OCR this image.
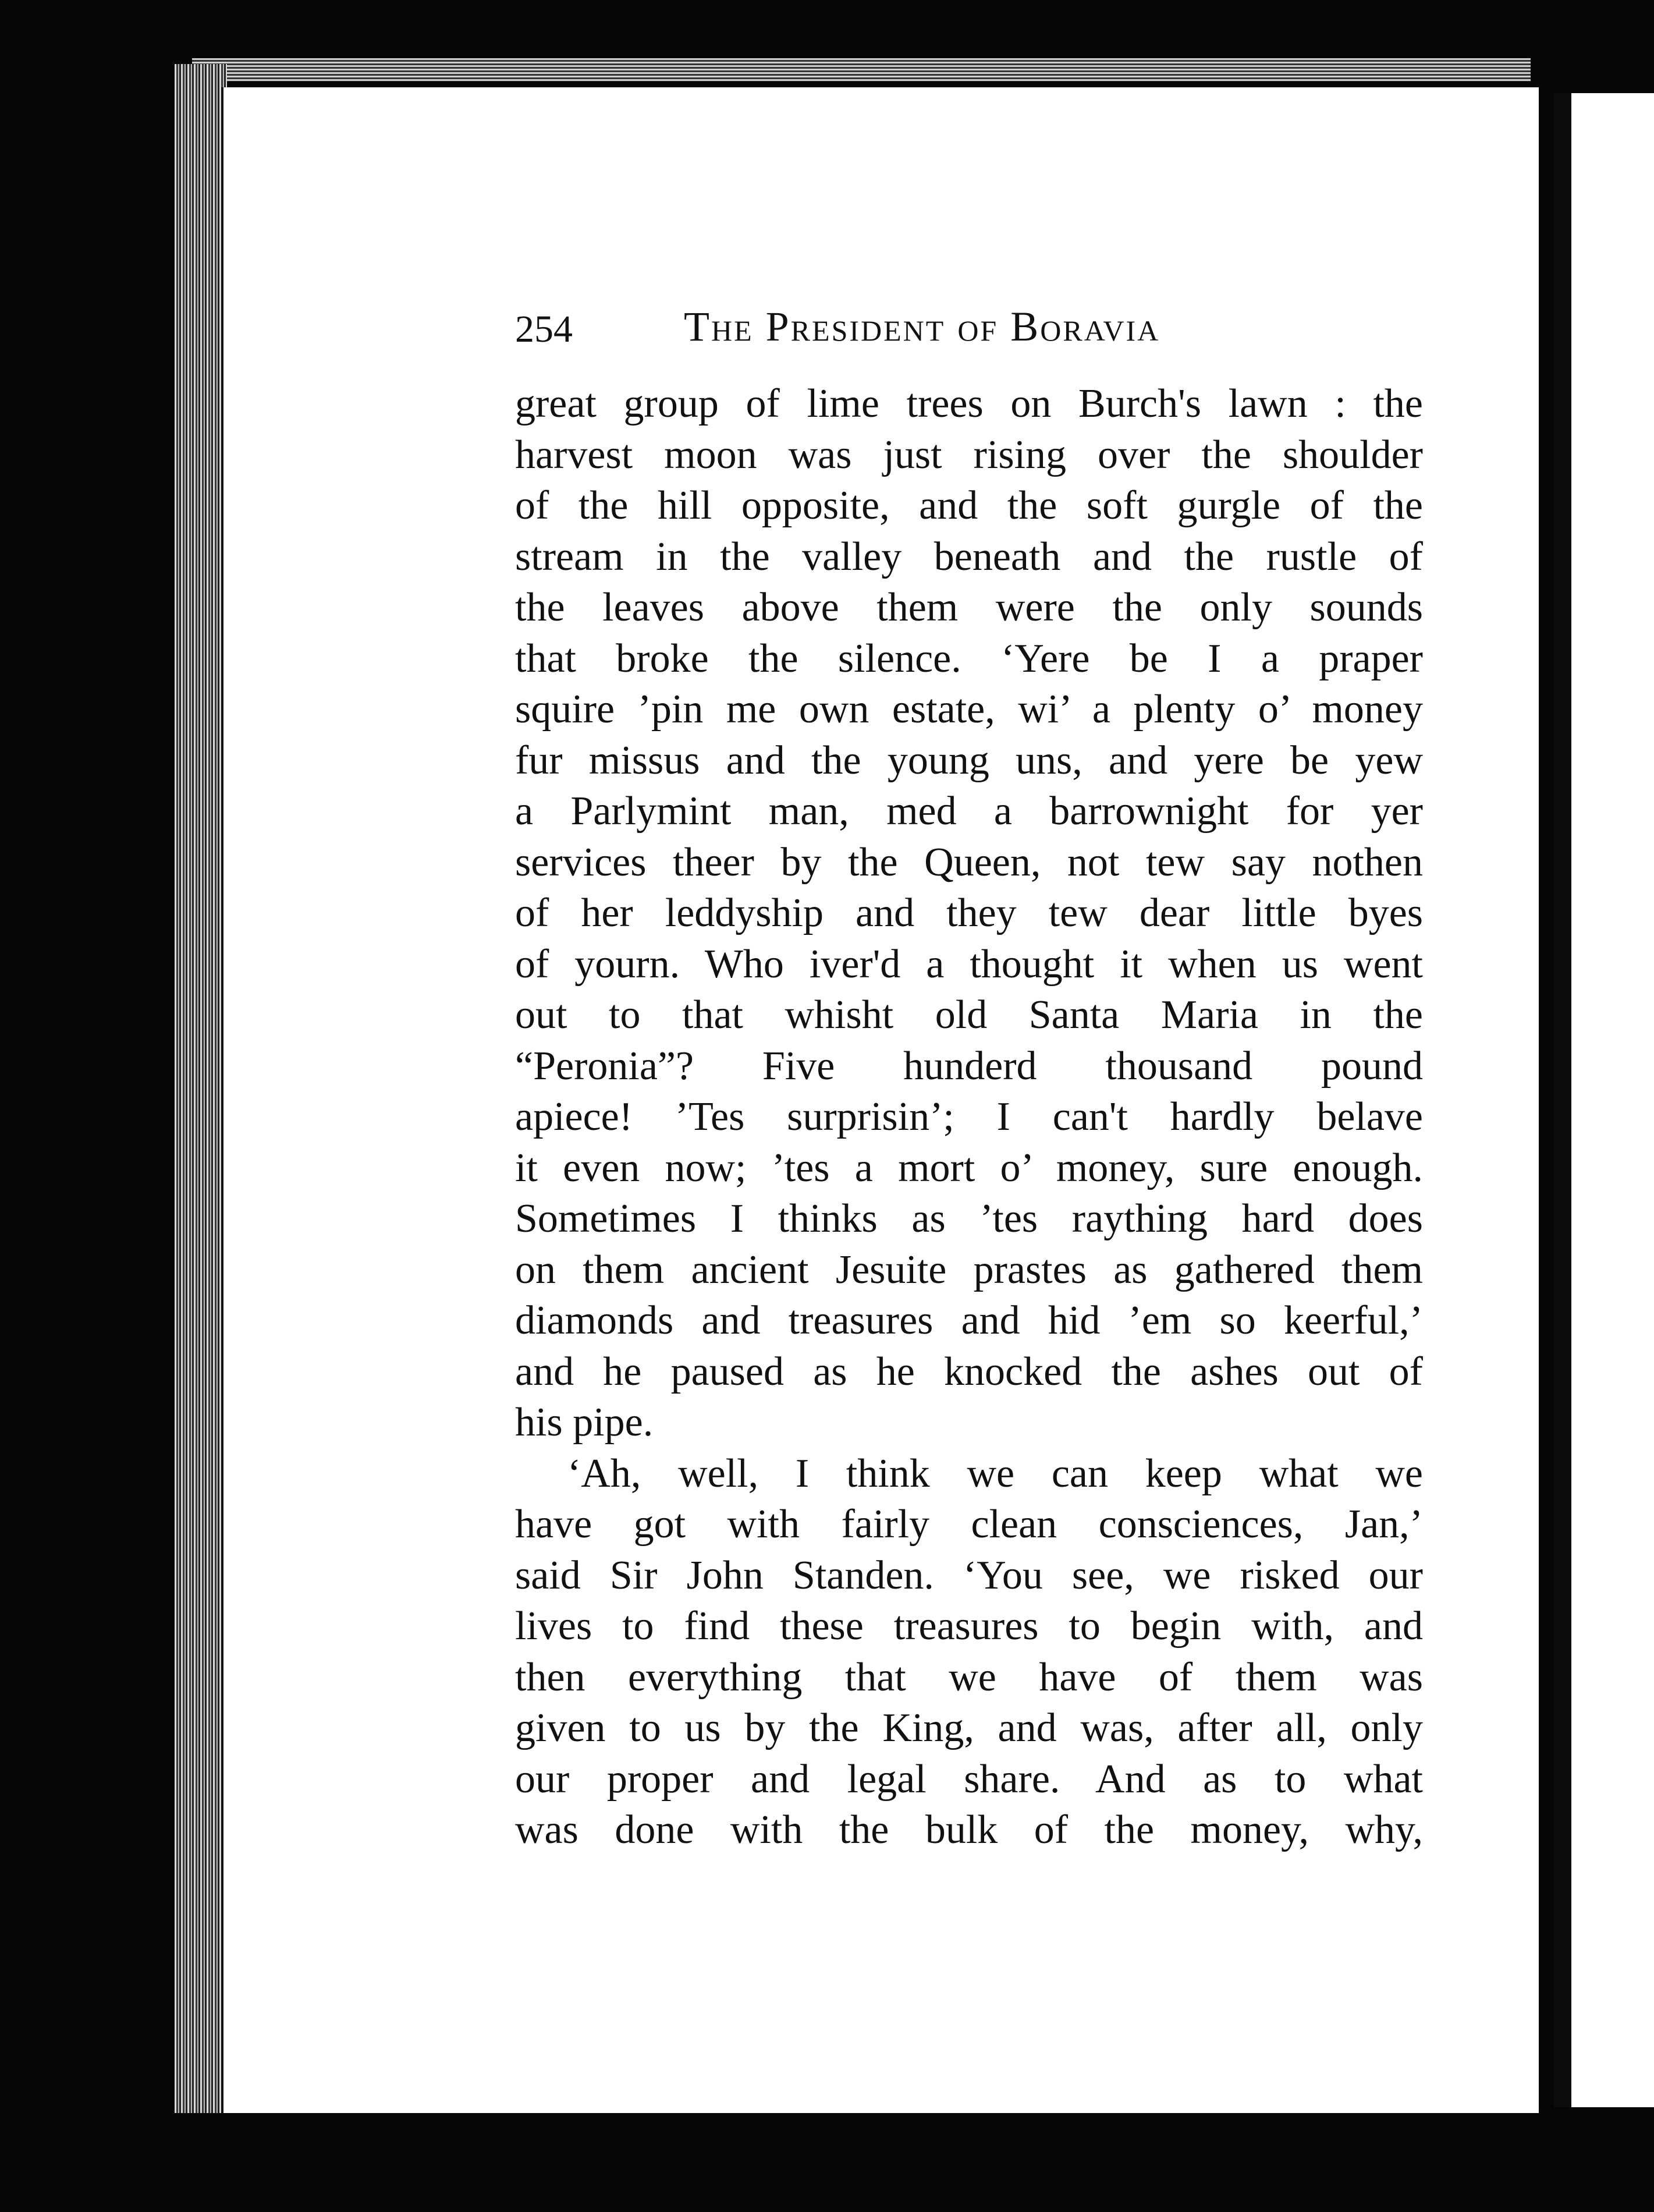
254	The President of Boravia
great group of lime trees on Burch's lawn : the
harvest moon was just rising over the shoulder
of the hill opposite, and the soft gurgle of the
stream in the valley beneath and the rustle of
the leaves above them were the only sounds
that broke the silence. ‘Yere be I a praper
squire ’pin me own estate, wi’ a plenty o’ money
fur missus and the young uns, and yere be yew
a Parlymint man, med a barrownight for yer
services theer by the Queen, not tew say nothen
of her leddyship and they tew dear little byes
of yourn. Who iver'd a thought it when us went
out to that whisht old Santa Maria in the
“Peronia”? Five hunderd thousand pound
apiece! ’Tes surprisin’; I can't hardly belave
it even now; ’tes a mort o’ money, sure enough.
Sometimes I thinks as ’tes raything hard does
on them ancient Jesuite prastes as gathered them
diamonds and treasures and hid ’em so keerful,’
and he paused as he knocked the ashes out of
his pipe.
‘Ah, well, I think we can keep what we
have got with fairly clean consciences, Jan,’
said Sir John Standen. ‘You see, we risked our
lives to find these treasures to begin with, and
then everything that we have of them was
given to us by the King, and was, after all, only
our proper and legal share. And as to what
was done with the bulk of the money, why,
